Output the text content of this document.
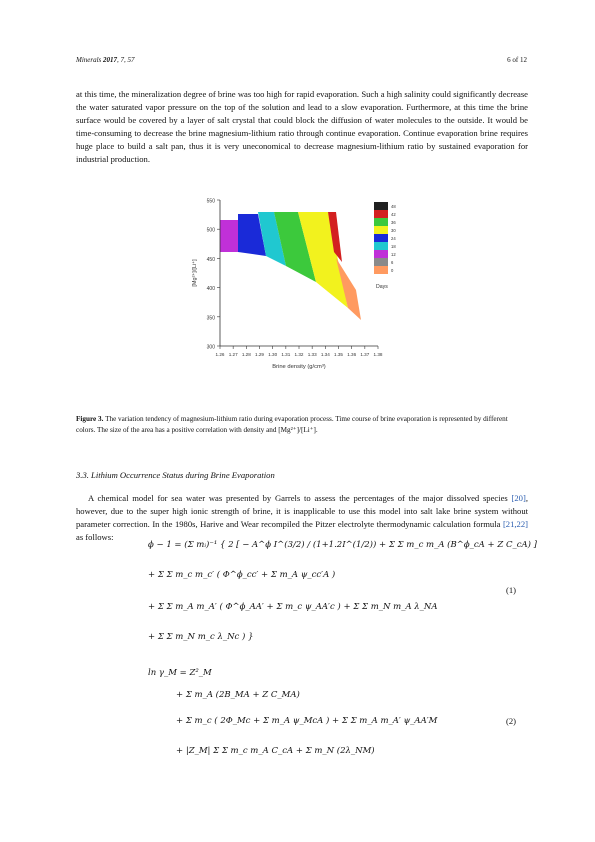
Minerals 2017, 7, 57	6 of 12

at this time, the mineralization degree of brine was too high for rapid evaporation. Such a high salinity could significantly decrease the water saturated vapor pressure on the top of the solution and lead to a slow evaporation. Furthermore, at this time the brine surface would be covered by a layer of salt crystal that could block the diffusion of water molecules to the outside. It would be time-consuming to decrease the brine magnesium-lithium ratio through continue evaporation. Continue evaporation brine requires huge place to build a salt pan, thus it is very uneconomical to decrease magnesium-lithium ratio by sustained evaporation for industrial production.

550
500
450
400
350
300
1.26 1.27 1.28 1.29 1.30 1.31 1.32 1.33 1.34 1.35 1.36 1.37 1.38
[Mg²⁺]/[Li⁺]
Brine density (g/cm³)
48
42
36
30
24
18
12
6
0
Days
Figure 3. The variation tendency of magnesium-lithium ratio during evaporation process. Time course of brine evaporation is represented by different colors. The size of the area has a positive correlation with density and [Mg²⁺]/[Li⁺].
3.3. Lithium Occurrence Status during Brine Evaporation

A chemical model for sea water was presented by Garrels to assess the percentages of the major dissolved species [20], however, due to the super high ionic strength of brine, it is inapplicable to use this model into salt lake brine system without parameter correction. In the 1980s, Harive and Wear recompiled the Pitzer electrolyte thermodynamic calculation formula [21,22] as follows:

ϕ − 1 = (Σ mᵢ)⁻¹ { 2 [ − A^ϕ I^(3/2) / (1+1.2I^(1/2)) + Σ Σ m_c m_A (B^ϕ_cA + Z C_cA) ]
+ Σ Σ m_c m_c′ ( Φ^ϕ_cc′ + Σ m_A ψ_cc′A )
+ Σ Σ m_A m_A′ ( Φ^ϕ_AA′ + Σ m_c ψ_AA′c ) + Σ Σ m_N m_A λ_NA
+ Σ Σ m_N m_c λ_Nc ) }
(1)
ln γ_M = Z²_M
+ Σ m_A (2B_MA + Z C_MA)
+ Σ m_c ( 2Φ_Mc + Σ m_A ψ_McA ) + Σ Σ m_A m_A′ ψ_AA′M
+ |Z_M| Σ Σ m_c m_A C_cA + Σ m_N (2λ_NM)
(2)
